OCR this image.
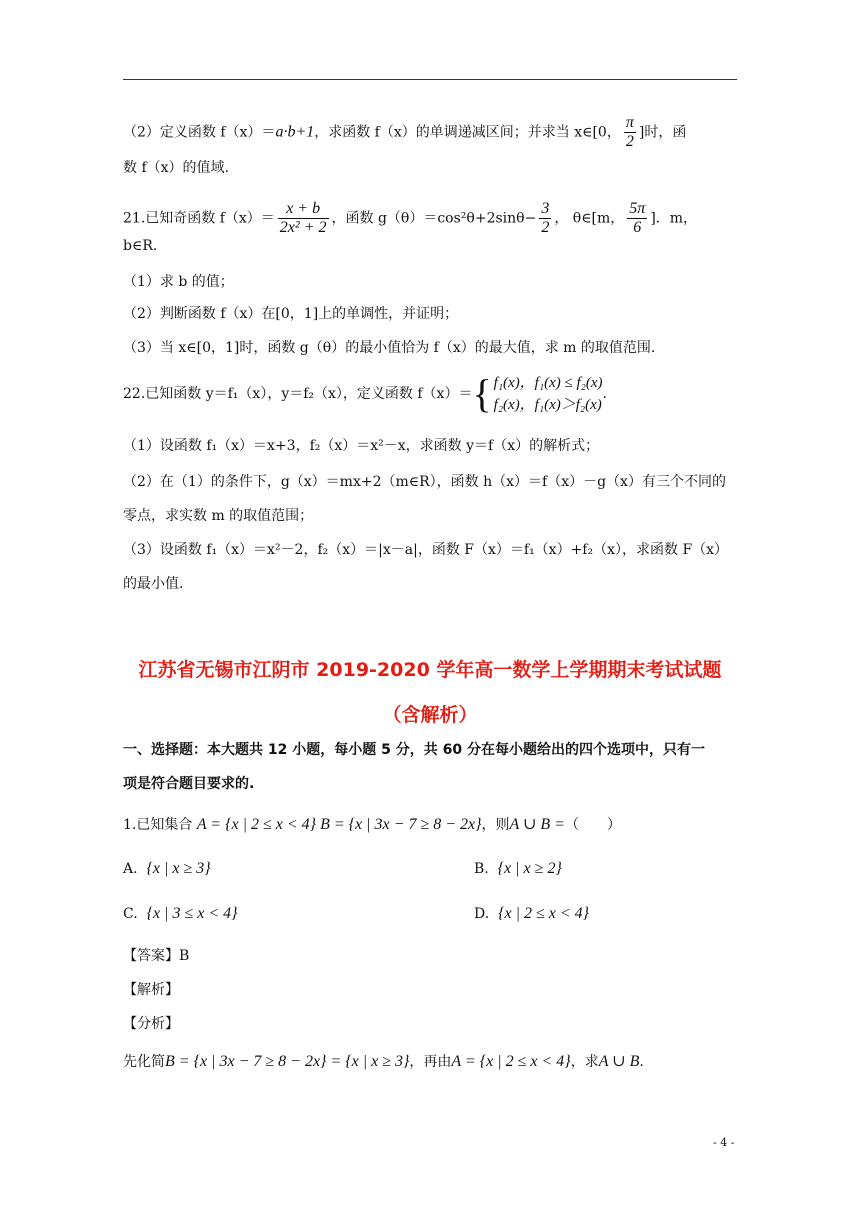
（2）定义函数 f（x）＝a·b+1，求函数 f（x）的单调递减区间；并求当 x∈[0， $\frac{\pi}{2}$ ]时，函
数 f（x）的值域.
21.已知奇函数 $f(x)= \frac{x + b}{\text{2x² + 2}}$ ，函数 $g(\theta)=\cos^2\theta+2\sin\theta- \frac{3}{2}$ ， θ∈[m， $\frac{5\pi}{6}$ ]．m，
b∈R.
（1）求 b 的值；
（2）判断函数 f（x）在[0，1]上的单调性，并证明；
（3）当 x∈[0，1]时，函数 g（θ）的最小值恰为 f（x）的最大值，求 m 的取值范围.
22.已知函数 y＝f₁（x），y＝f₂（x），定义函数 f（x）＝{ f₁(x)，f₁(x) ≤ f₂(x)
f₂(x)，f₁(x)＞f₂(x)
.
（1）设函数 f₁（x）＝x+3，f₂（x）＝x²－x，求函数 y＝f（x）的解析式；
（2）在（1）的条件下，g（x）＝mx+2（m∈R），函数 h（x）＝f（x）－g（x）有三个不同的
零点，求实数 m 的取值范围；
（3）设函数 f₁（x）＝x²－2，f₂（x）＝|x－a|，函数 F（x）＝f₁（x）+f₂（x），求函数 F（x）
的最小值.
江苏省无锡市江阴市 2019-2020 学年高一数学上学期期末考试试题
（含解析）
一、选择题：本大题共 12 小题，每小题 5 分，共 60 分在每小题给出的四个选项中，只有一
项是符合题目要求的.
1.已知集合 A = {x | 2 ≤ x < 4} B = {x | 3x − 7 ≥ 8 − 2x}，则A ∪ B =（　　）
A. {x | x ≥ 3}	B. {x | x ≥ 2}
C. {x | 3 ≤ x < 4}	D. {x | 2 ≤ x < 4}
【答案】B
【解析】
【分析】
先化简B = {x | 3x − 7 ≥ 8 − 2x} = {x | x ≥ 3}，再由A = {x | 2 ≤ x < 4}，求A ∪ B.
- 4 -
